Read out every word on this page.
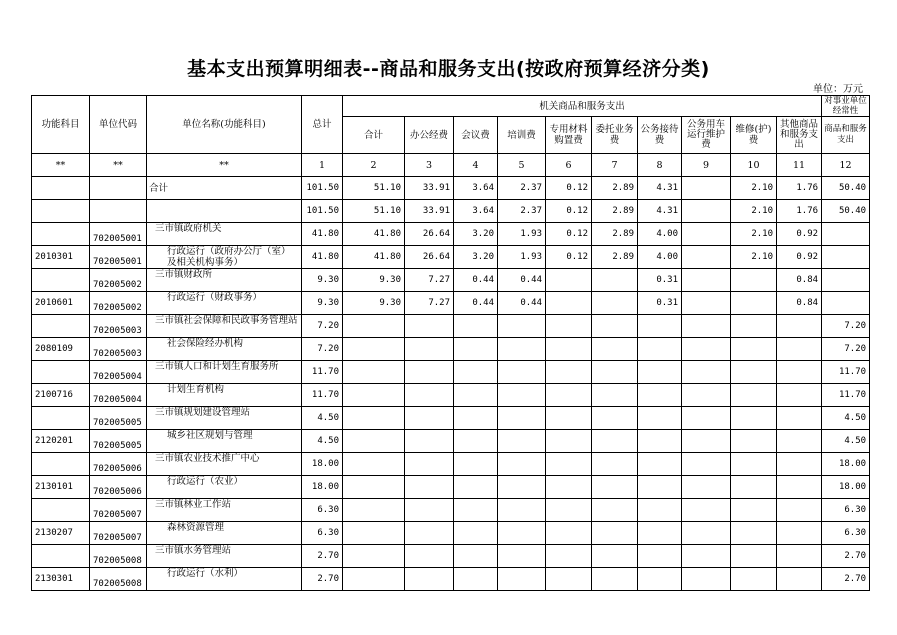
基本支出预算明细表--商品和服务支出(按政府预算经济分类)
单位：万元
功能科目	单位代码	单位名称(功能科目)	总计	机关商品和服务支出										对事业单位经常性
				合计	办公经费	会议费	培训费	专用材料购置费	委托业务费	公务接待费	公务用车运行维护费	维修(护)费	其他商品和服务支出	商品和服务支出

**	**	**	1	2	3	4	5	6	7	8	9	10	11	12
		合计	101.50	51.10	33.91	3.64	2.37	0.12	2.89	4.31		2.10	1.76	50.40
			101.50	51.10	33.91	3.64	2.37	0.12	2.89	4.31		2.10	1.76	50.40
	702005001	三市镇政府机关	41.80	41.80	26.64	3.20	1.93	0.12	2.89	4.00		2.10	0.92	
2010301	702005001	行政运行（政府办公厅（室）及相关机构事务）	41.80	41.80	26.64	3.20	1.93	0.12	2.89	4.00		2.10	0.92	
	702005002	三市镇财政所	9.30	9.30	7.27	0.44	0.44			0.31			0.84	
2010601	702005002	行政运行（财政事务）	9.30	9.30	7.27	0.44	0.44			0.31			0.84	
	702005003	三市镇社会保障和民政事务管理站	7.20											7.20
2080109	702005003	社会保险经办机构	7.20											7.20
	702005004	三市镇人口和计划生育服务所	11.70											11.70
2100716	702005004	计划生育机构	11.70											11.70
	702005005	三市镇规划建设管理站	4.50											4.50
2120201	702005005	城乡社区规划与管理	4.50											4.50
	702005006	三市镇农业技术推广中心	18.00											18.00
2130101	702005006	行政运行（农业）	18.00											18.00
	702005007	三市镇林业工作站	6.30											6.30
2130207	702005007	森林资源管理	6.30											6.30
	702005008	三市镇水务管理站	2.70											2.70
2130301	702005008	行政运行（水利）	2.70											2.70
